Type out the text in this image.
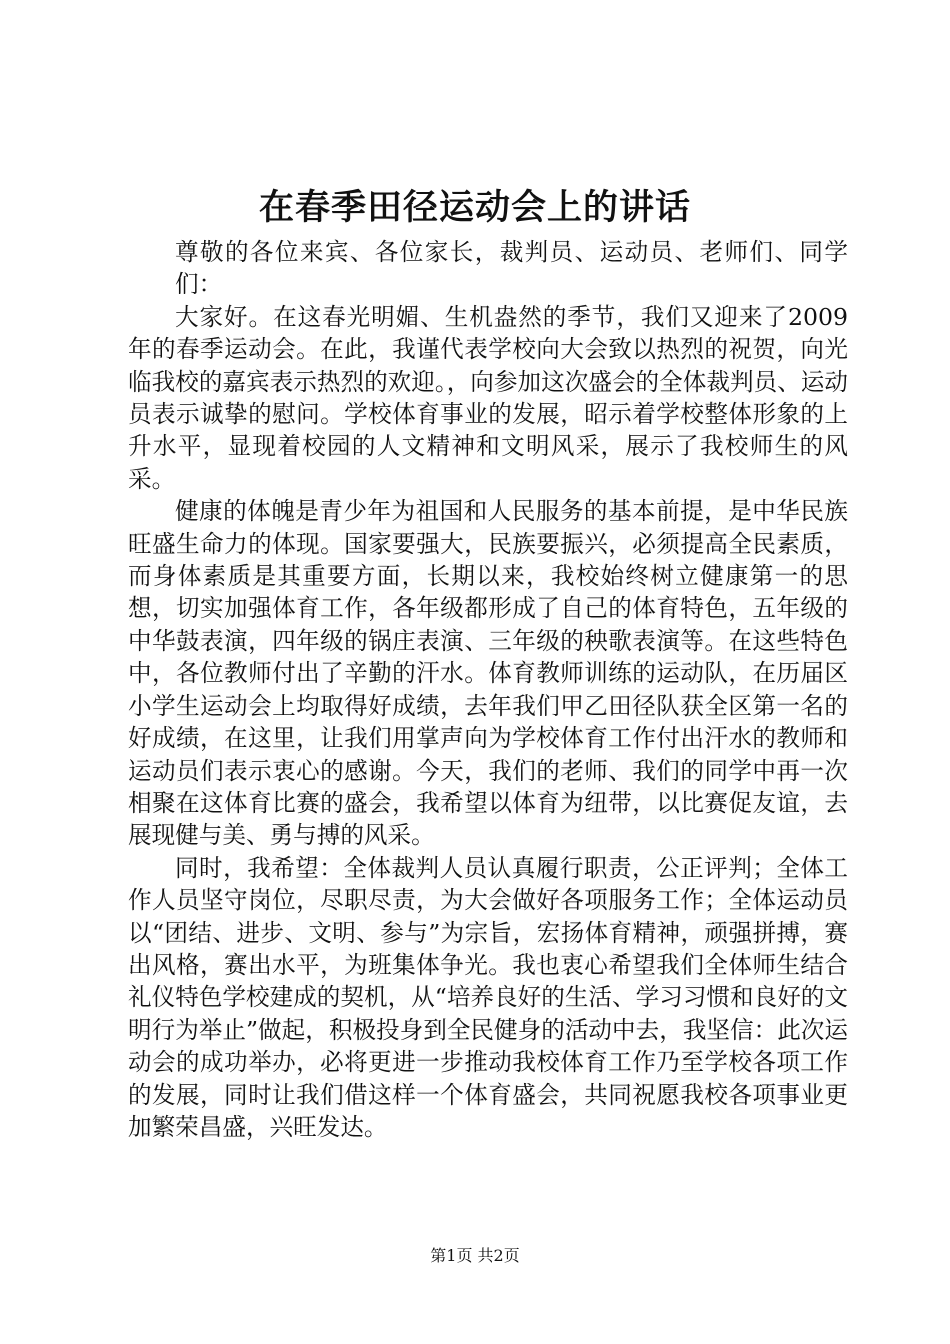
在春季田径运动会上的讲话

尊敬的各位来宾、各位家长，裁判员、运动员、老师们、同学们：

大家好。在这春光明媚、生机盎然的季节，我们又迎来了2009年的春季运动会。在此，我谨代表学校向大会致以热烈的祝贺，向光临我校的嘉宾表示热烈的欢迎。，向参加这次盛会的全体裁判员、运动员表示诚挚的慰问。学校体育事业的发展，昭示着学校整体形象的上升水平，显现着校园的人文精神和文明风采，展示了我校师生的风采。

健康的体魄是青少年为祖国和人民服务的基本前提，是中华民族旺盛生命力的体现。国家要强大，民族要振兴，必须提高全民素质，而身体素质是其重要方面，长期以来，我校始终树立健康第一的思想，切实加强体育工作，各年级都形成了自己的体育特色，五年级的中华鼓表演，四年级的锅庄表演、三年级的秧歌表演等。在这些特色中，各位教师付出了辛勤的汗水。体育教师训练的运动队，在历届区小学生运动会上均取得好成绩，去年我们甲乙田径队获全区第一名的好成绩，在这里，让我们用掌声向为学校体育工作付出汗水的教师和运动员们表示衷心的感谢。今天，我们的老师、我们的同学中再一次相聚在这体育比赛的盛会，我希望以体育为纽带，以比赛促友谊，去展现健与美、勇与搏的风采。

同时，我希望：全体裁判人员认真履行职责，公正评判；全体工作人员坚守岗位，尽职尽责，为大会做好各项服务工作；全体运动员以“团结、进步、文明、参与”为宗旨，宏扬体育精神，顽强拼搏，赛出风格，赛出水平，为班集体争光。我也衷心希望我们全体师生结合礼仪特色学校建成的契机，从“培养良好的生活、学习习惯和良好的文明行为举止”做起，积极投身到全民健身的活动中去，我坚信：此次运动会的成功举办，必将更进一步推动我校体育工作乃至学校各项工作的发展，同时让我们借这样一个体育盛会，共同祝愿我校各项事业更加繁荣昌盛，兴旺发达。

第1页 共2页
